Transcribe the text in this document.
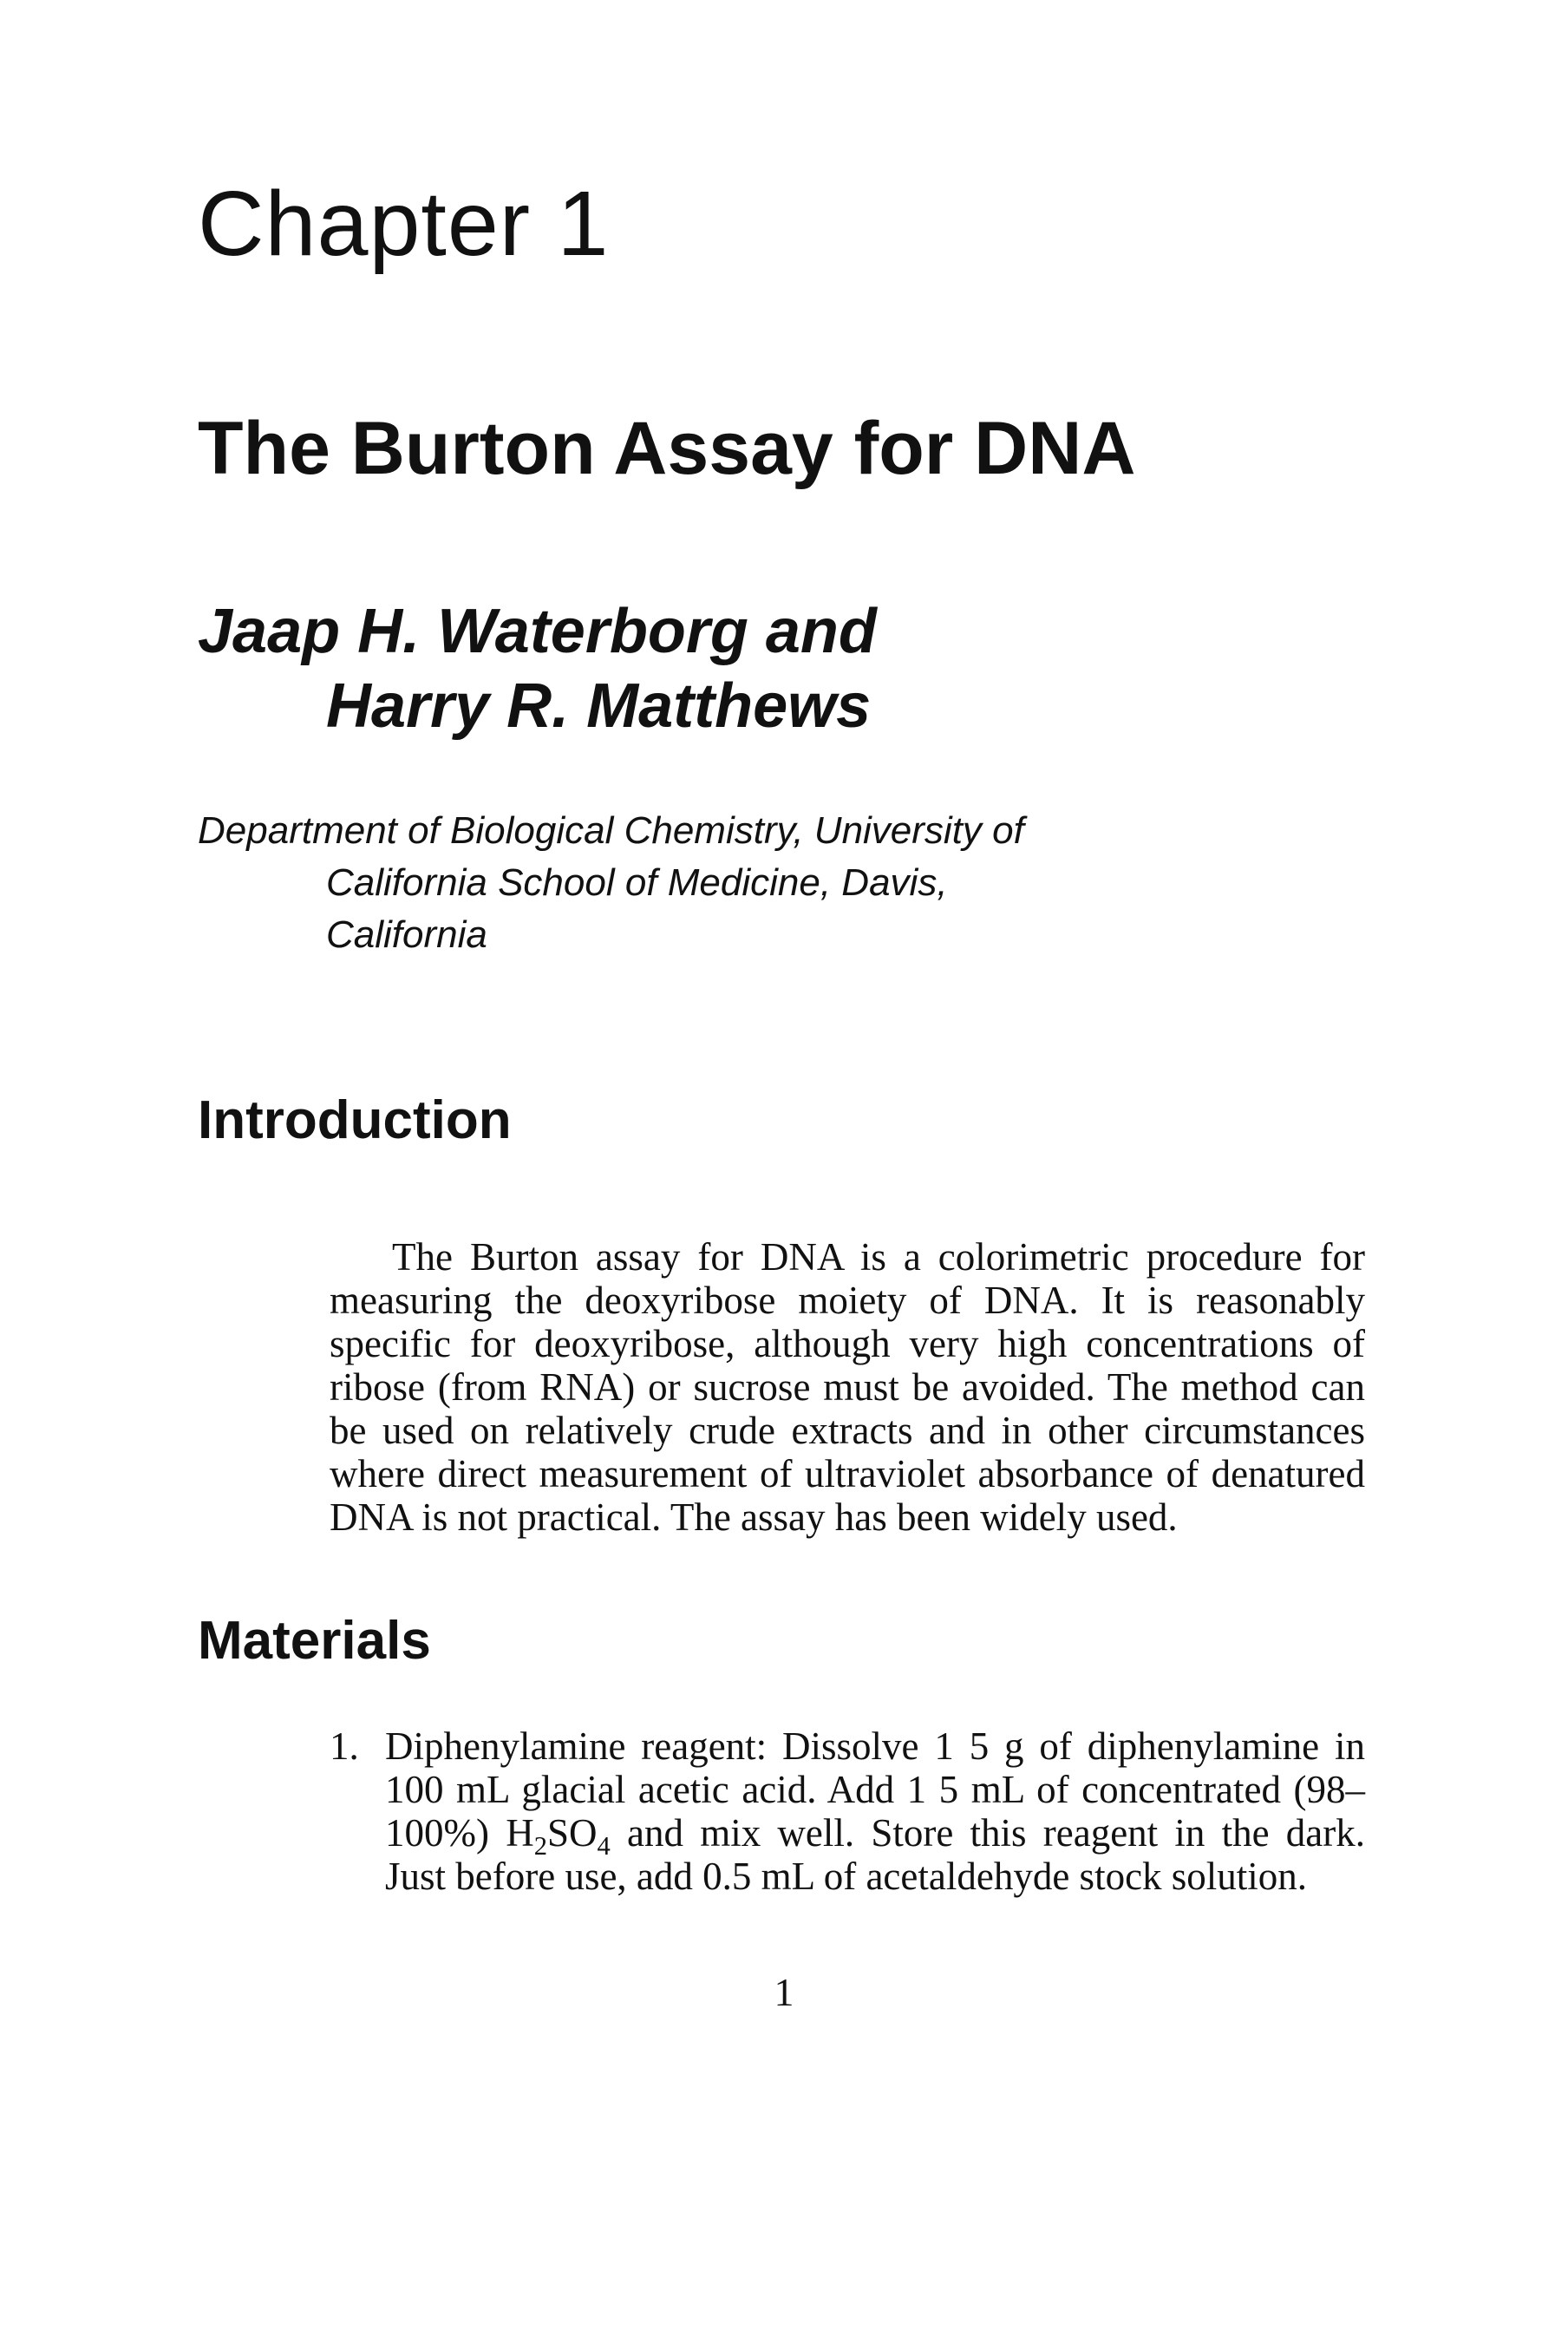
Chapter 1
The Burton Assay for DNA

Jaap H. Waterborg and
Harry R. Matthews

Department of Biological Chemistry, University of
California School of Medicine, Davis,
California

Introduction

The Burton assay for DNA is a colorimetric procedure for measuring the deoxyribose moiety of DNA. It is reasonably specific for deoxyribose, although very high concentrations of ribose (from RNA) or sucrose must be avoided. The method can be used on relatively crude extracts and in other circumstances where direct measurement of ultraviolet absorbance of denatured DNA is not practical. The assay has been widely used.

Materials
1. Diphenylamine reagent: Dissolve 1 5 g of diphenylamine in 100 mL glacial acetic acid. Add 1 5 mL of concentrated (98–100%) $H_2SO_4$ and mix well. Store this reagent in the dark. Just before use, add 0.5 mL of acetaldehyde stock solution.

1
